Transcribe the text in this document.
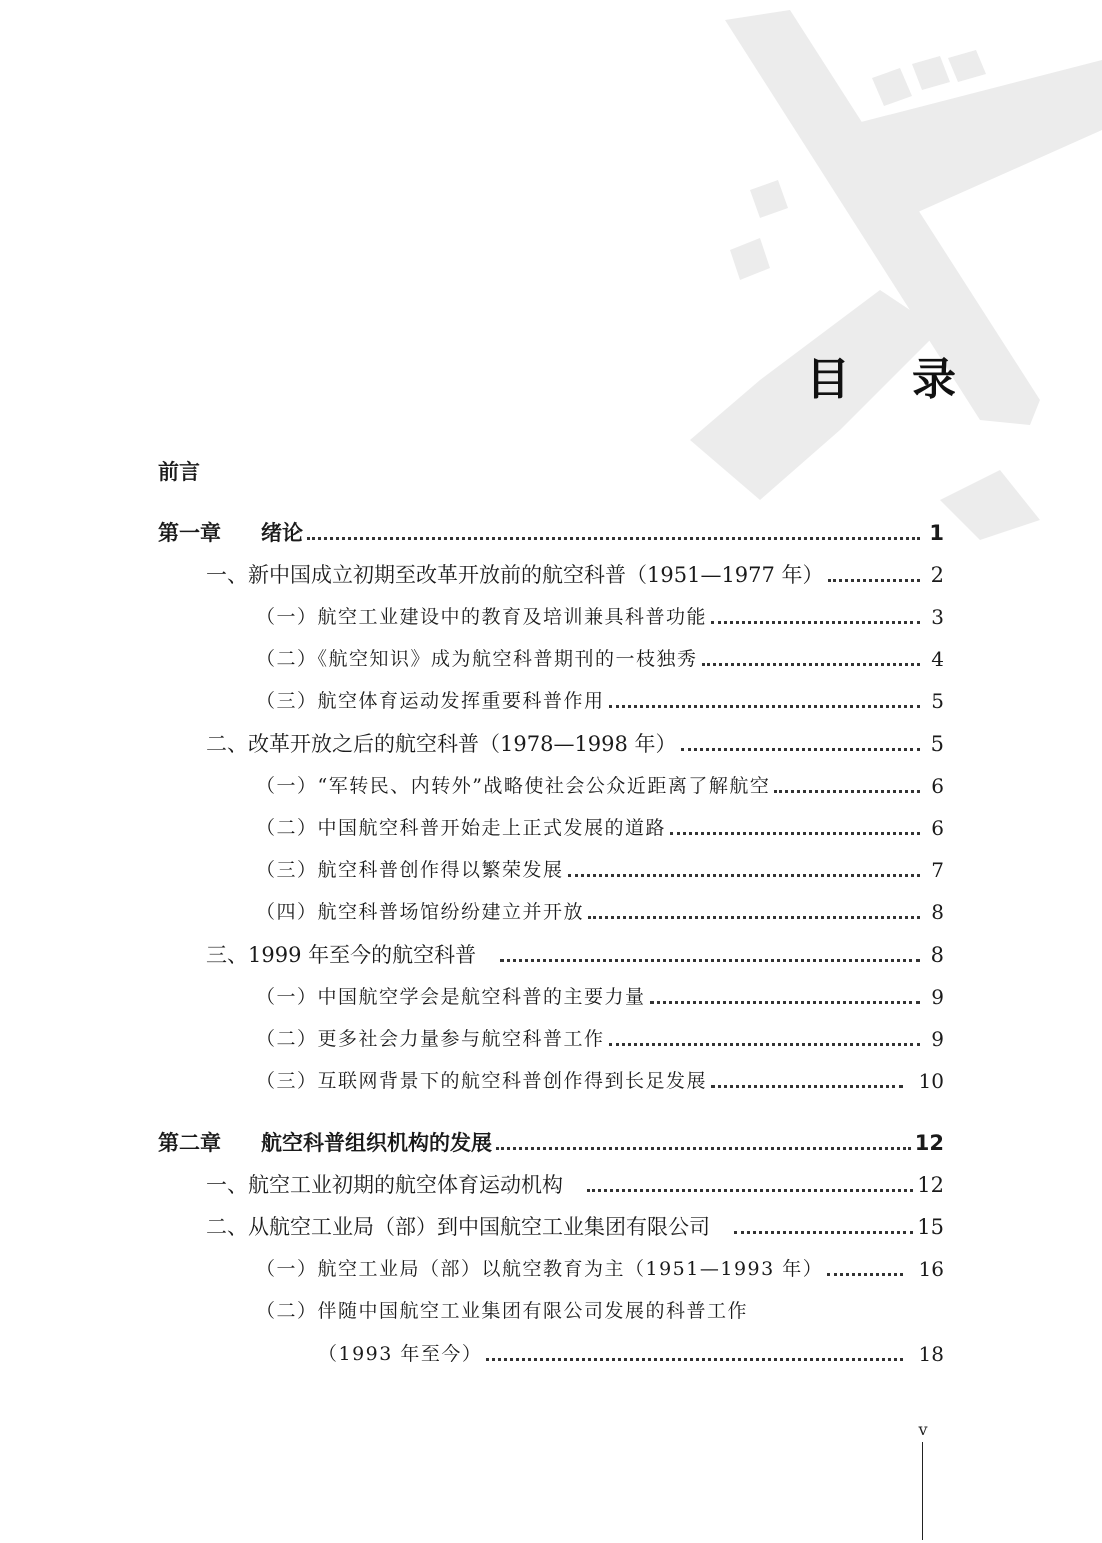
目 录
前言
第一章 绪论	1
一、新中国成立初期至改革开放前的航空科普（1951—1977 年）	2
（一）航空工业建设中的教育及培训兼具科普功能	3
（二）《航空知识》成为航空科普期刊的一枝独秀	4
（三）航空体育运动发挥重要科普作用	5
二、改革开放之后的航空科普（1978—1998 年）	5
（一）“军转民、内转外”战略使社会公众近距离了解航空	6
（二）中国航空科普开始走上正式发展的道路	6
（三）航空科普创作得以繁荣发展	7
（四）航空科普场馆纷纷建立并开放	8
三、1999 年至今的航空科普	8
（一）中国航空学会是航空科普的主要力量	9
（二）更多社会力量参与航空科普工作	9
（三）互联网背景下的航空科普创作得到长足发展	10
第二章 航空科普组织机构的发展	12
一、航空工业初期的航空体育运动机构	12
二、从航空工业局（部）到中国航空工业集团有限公司	15
（一）航空工业局（部）以航空教育为主（1951—1993 年）	16
（二）伴随中国航空工业集团有限公司发展的科普工作
（1993 年至今）	18
v
